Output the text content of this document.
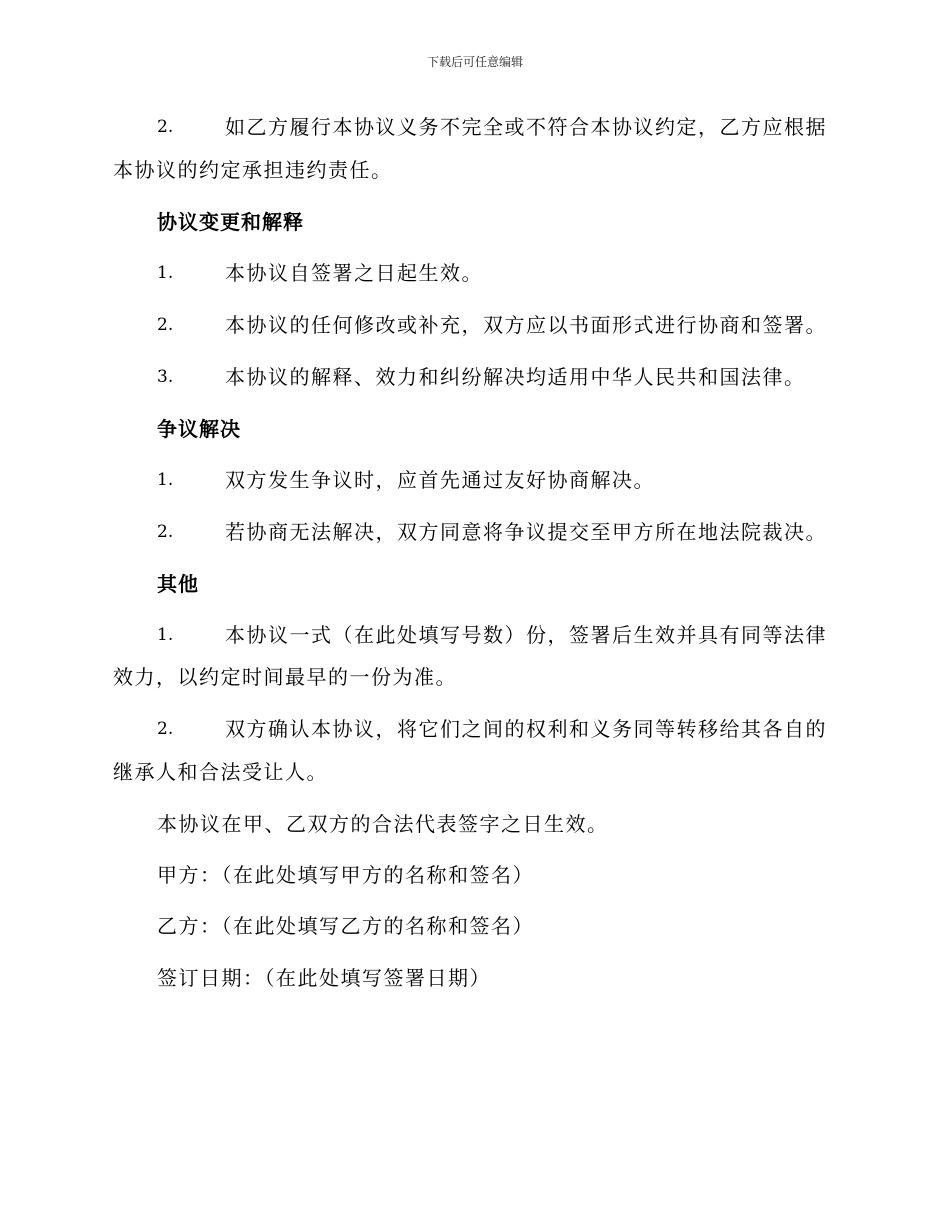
下载后可任意编辑
2.	如乙方履行本协议义务不完全或不符合本协议约定，乙方应根据
本协议的约定承担违约责任。
协议变更和解释
1.	本协议自签署之日起生效。
2.	本协议的任何修改或补充，双方应以书面形式进行协商和签署。
3.	本协议的解释、效力和纠纷解决均适用中华人民共和国法律。
争议解决
1.	双方发生争议时，应首先通过友好协商解决。
2.	若协商无法解决，双方同意将争议提交至甲方所在地法院裁决。
其他
1.	本协议一式（在此处填写号数）份，签署后生效并具有同等法律
效力，以约定时间最早的一份为准。
2.	双方确认本协议，将它们之间的权利和义务同等转移给其各自的
继承人和合法受让人。
本协议在甲、乙双方的合法代表签字之日生效。
甲方：（在此处填写甲方的名称和签名）
乙方：（在此处填写乙方的名称和签名）
签订日期：（在此处填写签署日期）
